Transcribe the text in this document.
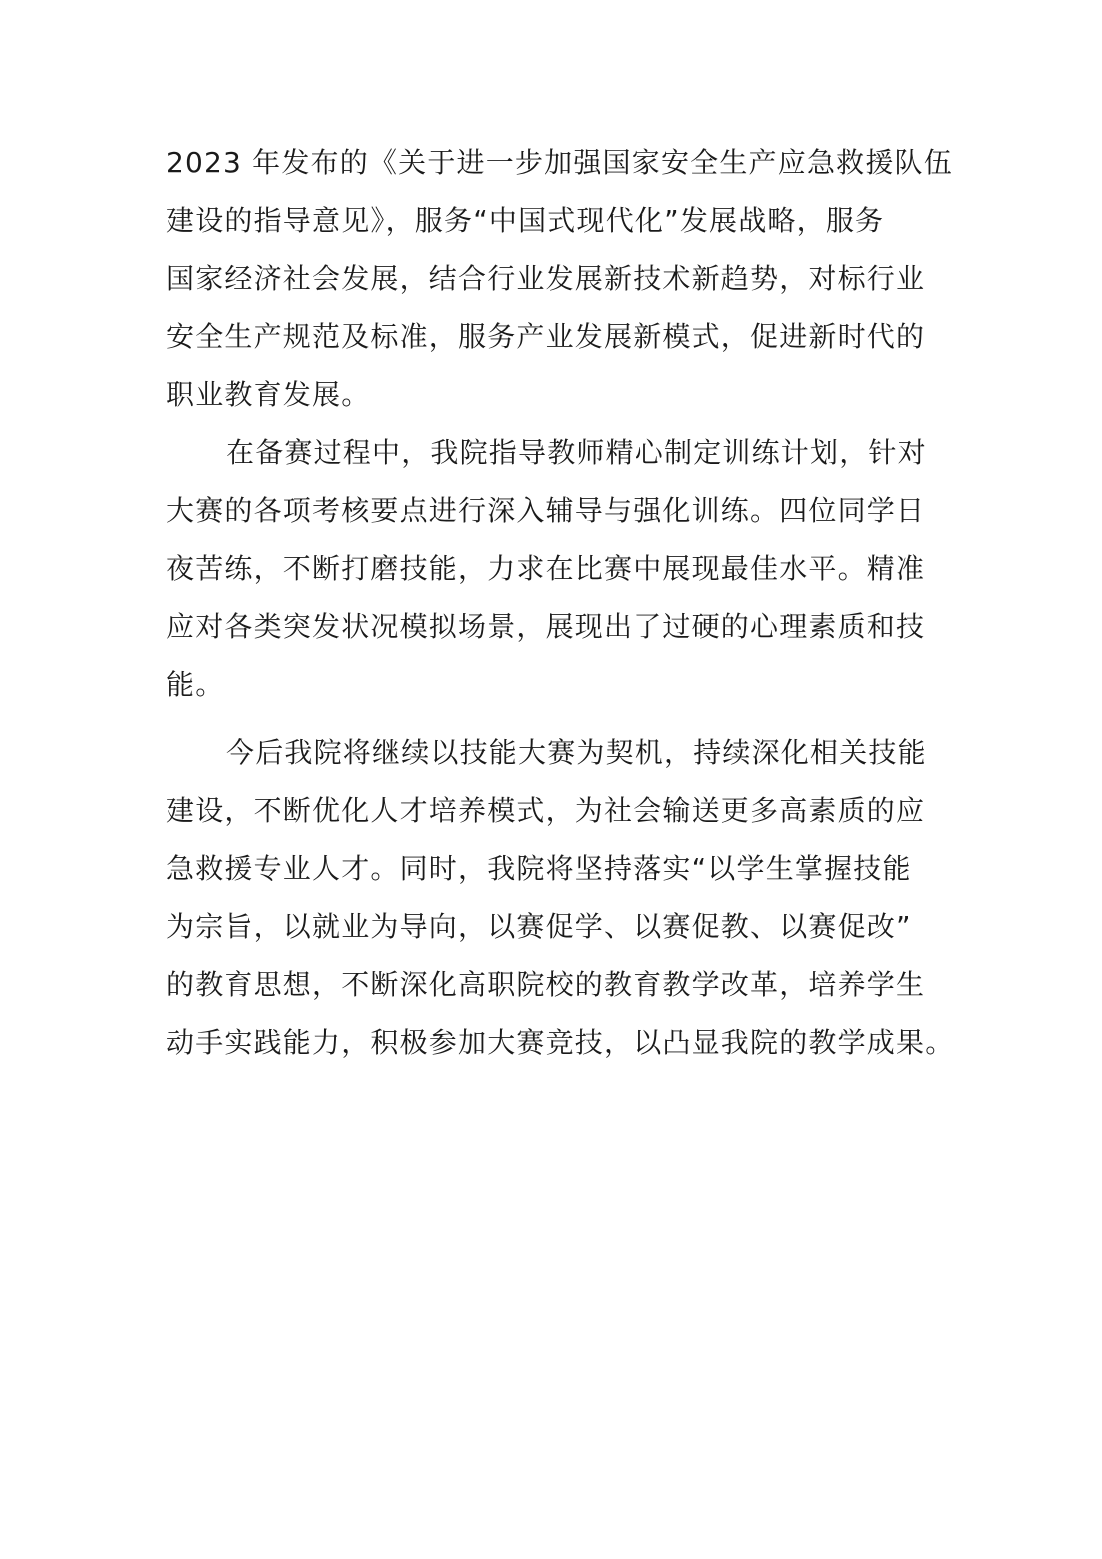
2023 年发布的《关于进一步加强国家安全生产应急救援队伍
建设的指导意见》，服务“中国式现代化”发展战略，服务
国家经济社会发展，结合行业发展新技术新趋势，对标行业
安全生产规范及标准，服务产业发展新模式，促进新时代的
职业教育发展。

在备赛过程中，我院指导教师精心制定训练计划，针对
大赛的各项考核要点进行深入辅导与强化训练。四位同学日
夜苦练，不断打磨技能，力求在比赛中展现最佳水平。精准
应对各类突发状况模拟场景，展现出了过硬的心理素质和技
能。

今后我院将继续以技能大赛为契机，持续深化相关技能
建设，不断优化人才培养模式，为社会输送更多高素质的应
急救援专业人才。同时，我院将坚持落实“以学生掌握技能
为宗旨，以就业为导向，以赛促学、以赛促教、以赛促改”
的教育思想，不断深化高职院校的教育教学改革，培养学生
动手实践能力，积极参加大赛竞技，以凸显我院的教学成果。
